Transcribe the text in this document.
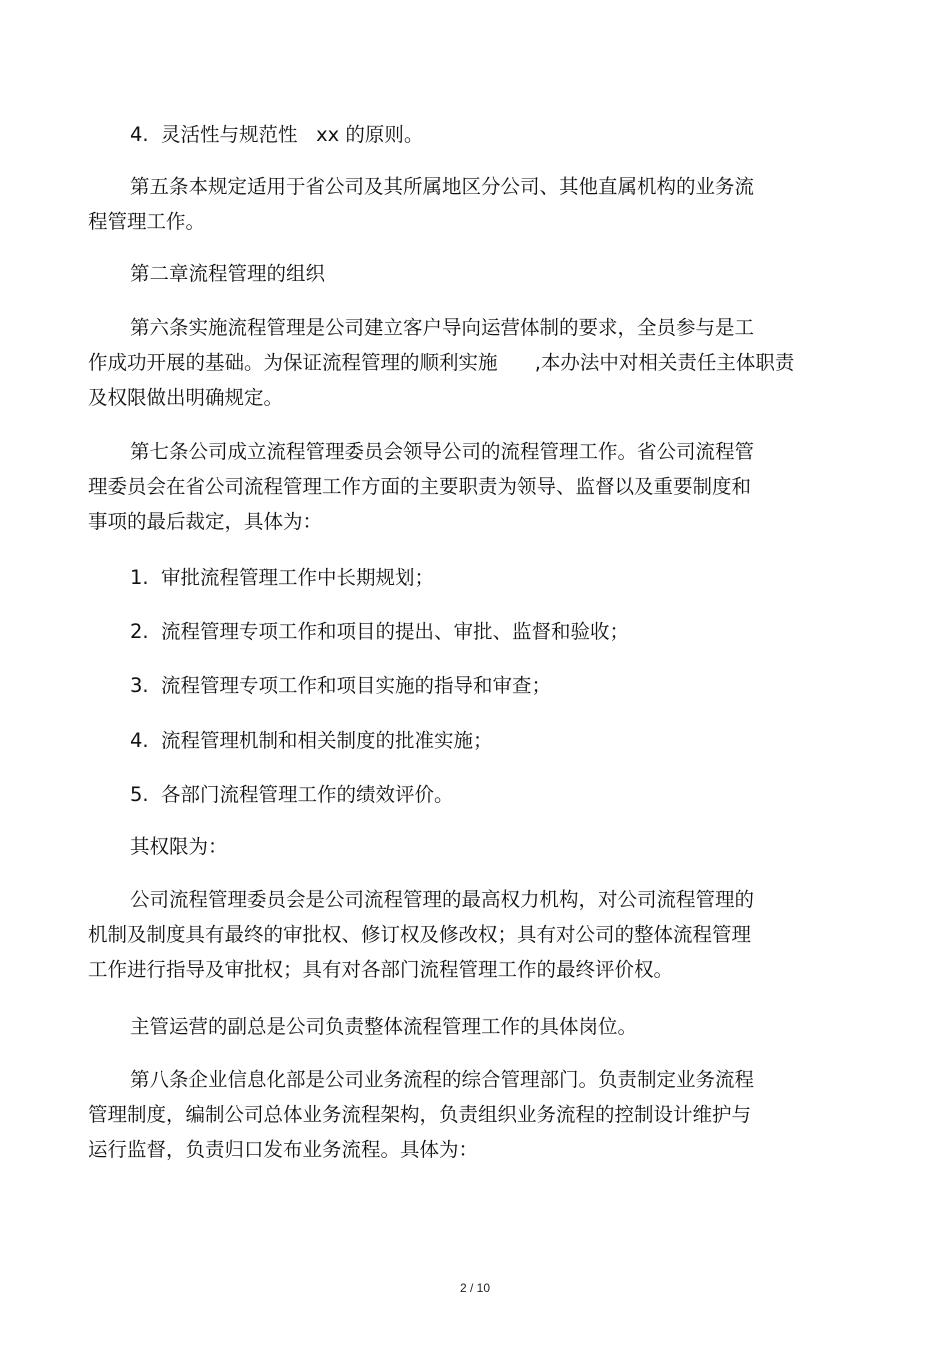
4.  灵活性与规范性   xx 的原则。
第五条本规定适用于省公司及其所属地区分公司、其他直属机构的业务流
程管理工作。
第二章流程管理的组织
第六条实施流程管理是公司建立客户导向运营体制的要求，全员参与是工
作成功开展的基础。为保证流程管理的顺利实施      ,本办法中对相关责任主体职责
及权限做出明确规定。
第七条公司成立流程管理委员会领导公司的流程管理工作。省公司流程管
理委员会在省公司流程管理工作方面的主要职责为领导、监督以及重要制度和
事项的最后裁定，具体为：
1.  审批流程管理工作中长期规划；
2.  流程管理专项工作和项目的提出、审批、监督和验收；
3.  流程管理专项工作和项目实施的指导和审查；
4.  流程管理机制和相关制度的批准实施；
5.  各部门流程管理工作的绩效评价。
其权限为：
公司流程管理委员会是公司流程管理的最高权力机构，对公司流程管理的
机制及制度具有最终的审批权、修订权及修改权；具有对公司的整体流程管理
工作进行指导及审批权；具有对各部门流程管理工作的最终评价权。
主管运营的副总是公司负责整体流程管理工作的具体岗位。
第八条企业信息化部是公司业务流程的综合管理部门。负责制定业务流程
管理制度，编制公司总体业务流程架构，负责组织业务流程的控制设计维护与
运行监督，负责归口发布业务流程。具体为：
2 / 10
